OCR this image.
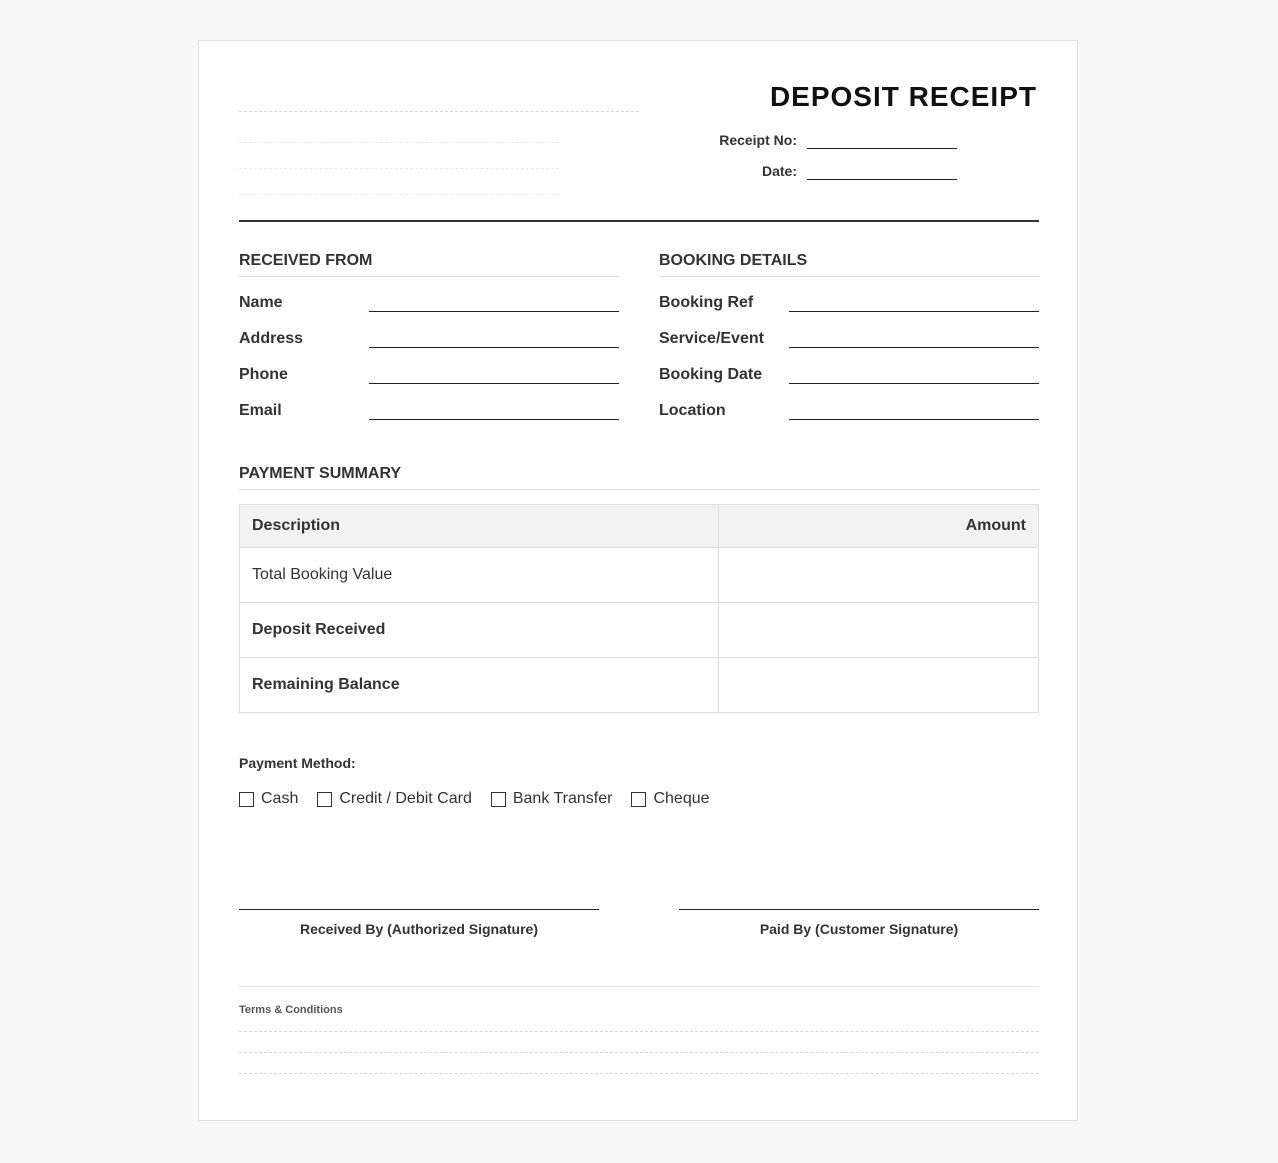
DEPOSIT RECEIPT
Receipt No:
Date:
RECEIVED FROM
Name
Address
Phone
Email
BOOKING DETAILS
Booking Ref
Service/Event
Booking Date
Location
PAYMENT SUMMARY
Description	Amount
Total Booking Value	
Deposit Received	
Remaining Balance	
Payment Method:
Cash	Credit / Debit Card	Bank Transfer	Cheque
Received By (Authorized Signature)	Paid By (Customer Signature)
Terms & Conditions
